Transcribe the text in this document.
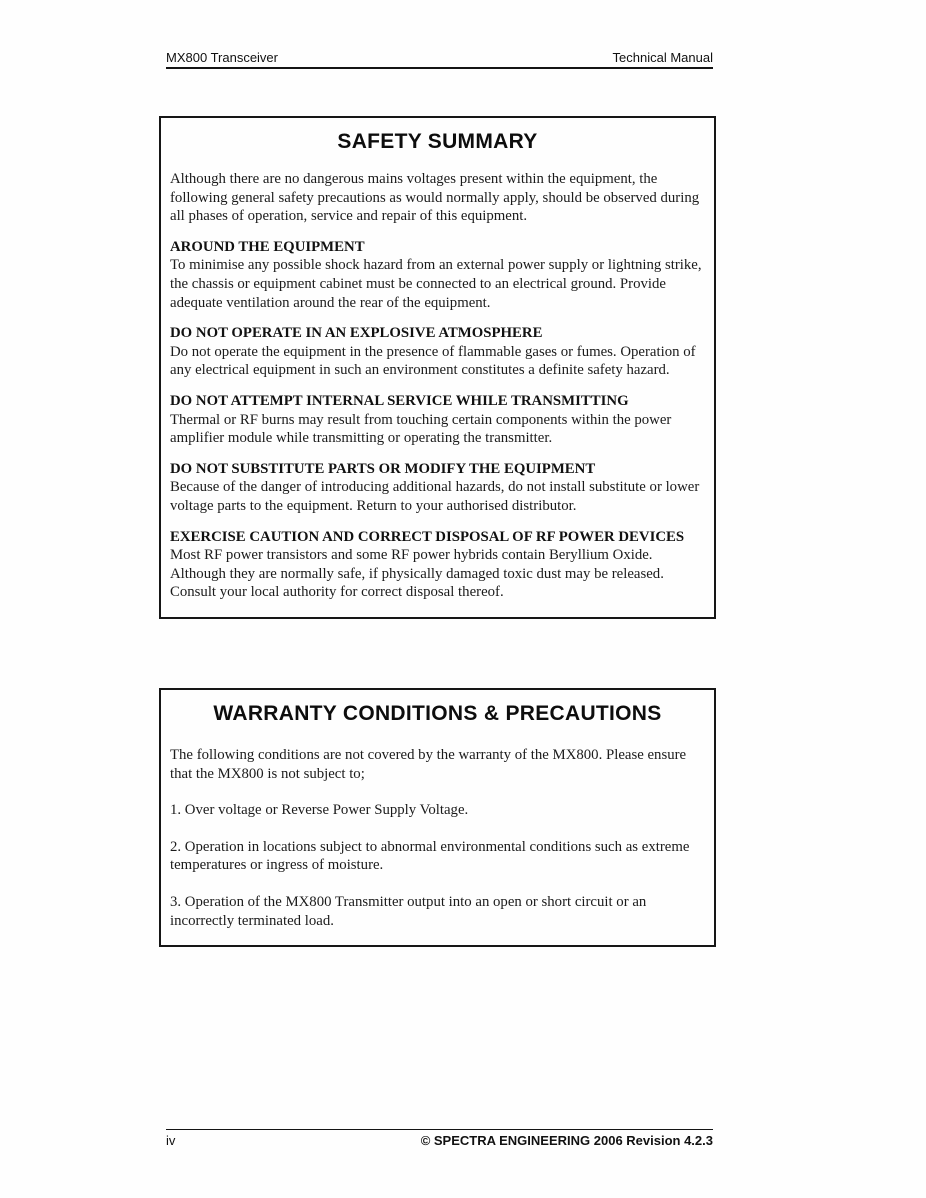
MX800 Transceiver	Technical Manual
SAFETY SUMMARY

Although there are no dangerous mains voltages present within the equipment, the following general safety precautions as would normally apply, should be observed during all phases of operation, service and repair of this equipment.

AROUND THE EQUIPMENT

To minimise any possible shock hazard from an external power supply or lightning strike, the chassis or equipment cabinet must be connected to an electrical ground. Provide adequate ventilation around the rear of the equipment.

DO NOT OPERATE IN AN EXPLOSIVE ATMOSPHERE

Do not operate the equipment in the presence of flammable gases or fumes. Operation of any electrical equipment in such an environment constitutes a definite safety hazard.

DO NOT ATTEMPT INTERNAL SERVICE WHILE TRANSMITTING

Thermal or RF burns may result from touching certain components within the power amplifier module while transmitting or operating the transmitter.

DO NOT SUBSTITUTE PARTS OR MODIFY THE EQUIPMENT

Because of the danger of introducing additional hazards, do not install substitute or lower voltage parts to the equipment. Return to your authorised distributor.

EXERCISE CAUTION AND CORRECT DISPOSAL OF RF POWER DEVICES

Most RF power transistors and some RF power hybrids contain Beryllium Oxide. Although they are normally safe, if physically damaged toxic dust may be released. Consult your local authority for correct disposal thereof.

WARRANTY CONDITIONS & PRECAUTIONS

The following conditions are not covered by the warranty of the MX800. Please ensure that the MX800 is not subject to;

1. Over voltage or Reverse Power Supply Voltage.

2. Operation in locations subject to abnormal environmental conditions such as extreme temperatures or ingress of moisture.

3. Operation of the MX800 Transmitter output into an open or short circuit or an incorrectly terminated load.

iv	© SPECTRA ENGINEERING 2006 Revision 4.2.3
